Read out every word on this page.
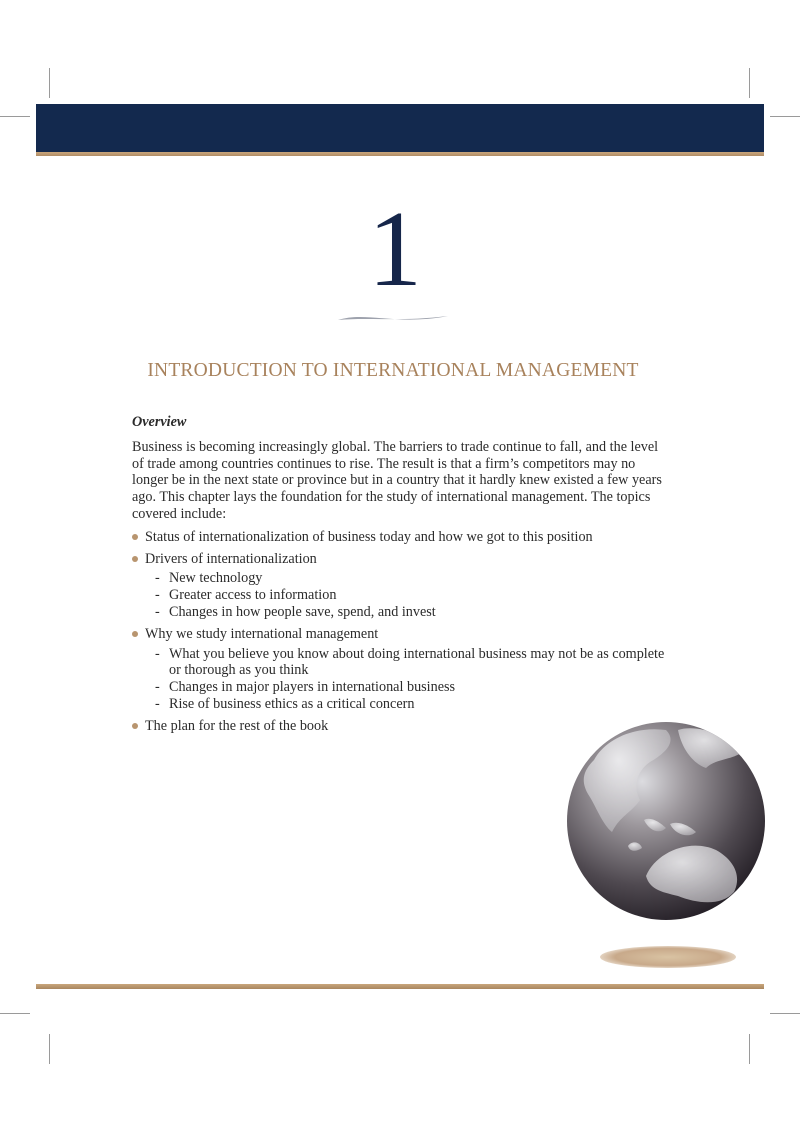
1
INTRODUCTION TO INTERNATIONAL MANAGEMENT
Overview

Business is becoming increasingly global. The barriers to trade continue to fall, and the level of trade among countries continues to rise. The result is that a firm’s competitors may no longer be in the next state or province but in a country that it hardly knew existed a few years ago. This chapter lays the foundation for the study of international management. The topics covered include:

Status of internationalization of business today and how we got to this position
Drivers of internationalization
- New technology
- Greater access to information
- Changes in how people save, spend, and invest
Why we study international management
- What you believe you know about doing international business may not be as complete or thorough as you think
- Changes in major players in international business
- Rise of business ethics as a critical concern
The plan for the rest of the book
